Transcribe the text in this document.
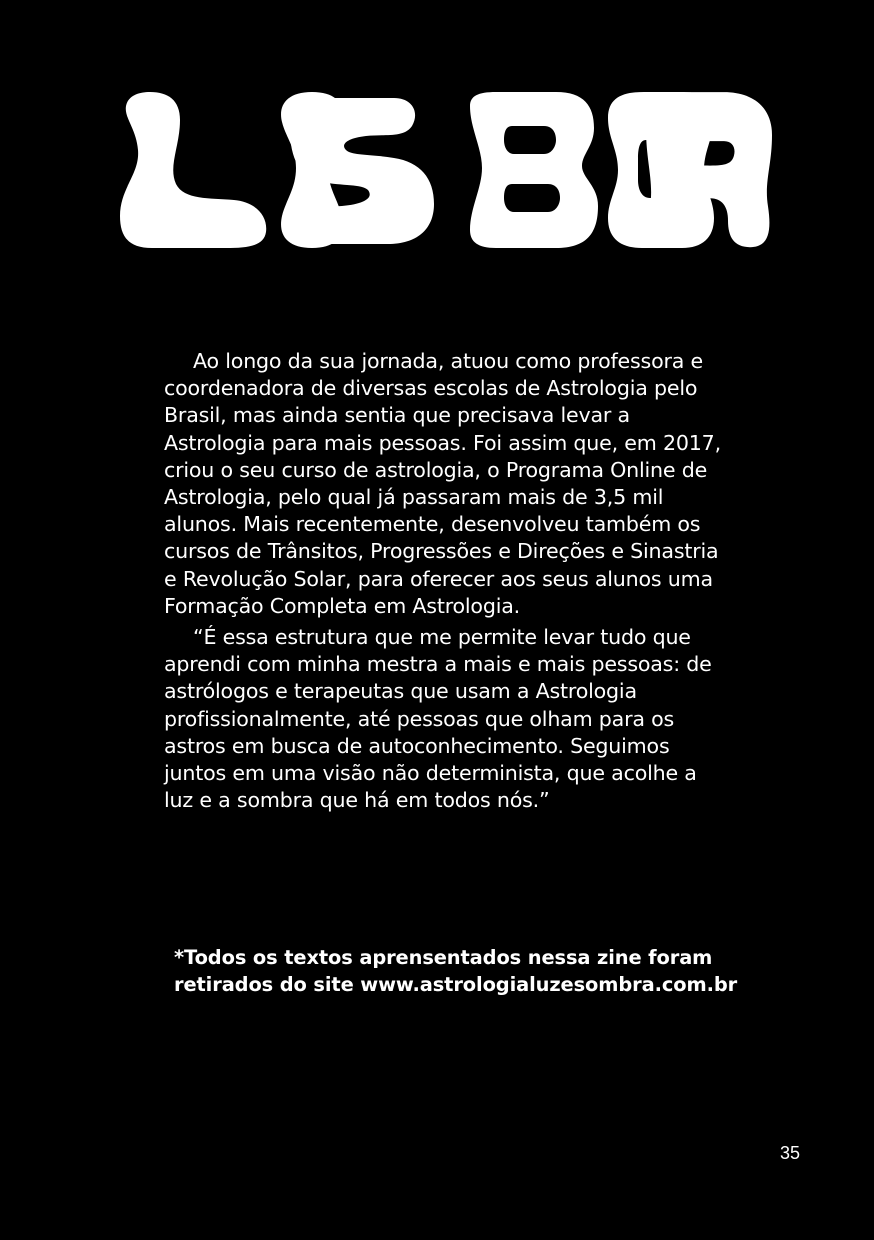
Ao longo da sua jornada, atuou como professora e coordenadora de diversas escolas de Astrologia pelo Brasil, mas ainda sentia que precisava levar a Astrologia para mais pessoas. Foi assim que, em 2017, criou o seu curso de astrologia, o Programa Online de Astrologia, pelo qual já passaram mais de 3,5 mil alunos. Mais recentemente, desenvolveu também os cursos de Trânsitos, Progressões e Direções e Sinastria e Revolução Solar, para oferecer aos seus alunos uma Formação Completa em Astrologia.

“É essa estrutura que me permite levar tudo que aprendi com minha mestra a mais e mais pessoas: de astrólogos e terapeutas que usam a Astrologia profissionalmente, até pessoas que olham para os astros em busca de autoconhecimento. Seguimos juntos em uma visão não determinista, que acolhe a luz e a sombra que há em todos nós.”

*Todos os textos aprensentados nessa zine foram
retirados do site www.astrologialuzesombra.com.br
35
